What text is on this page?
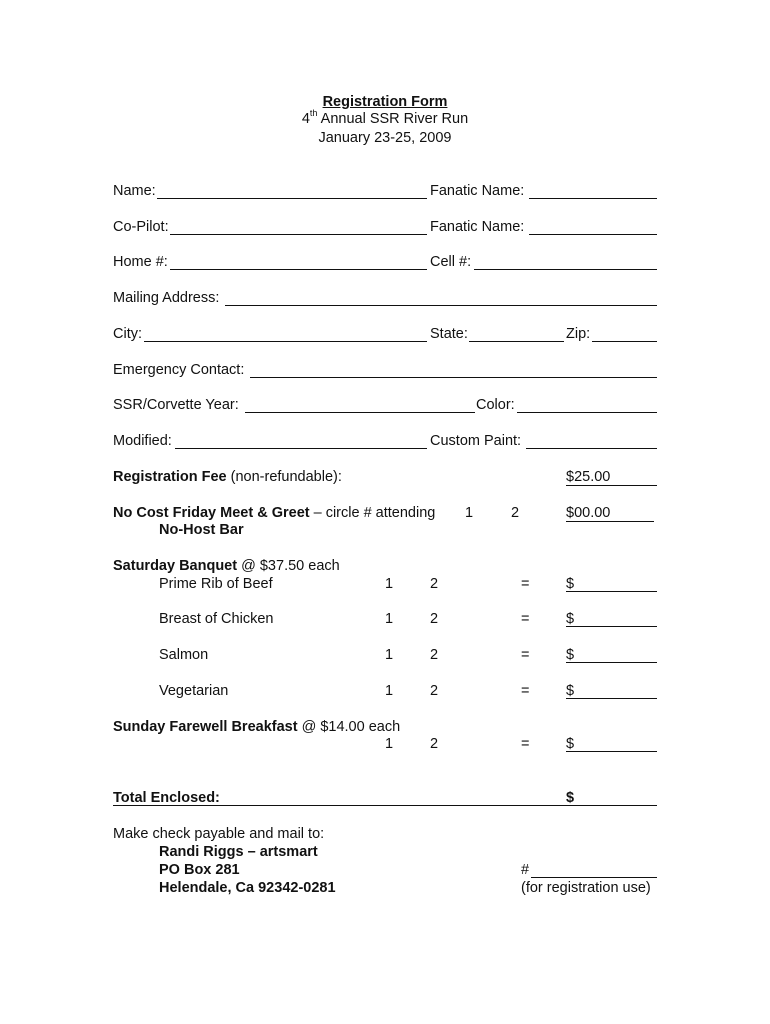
Registration Form
4th Annual SSR River Run
January 23-25, 2009
Name:	Fanatic Name:
Co-Pilot:	Fanatic Name:
Home #:	Cell #:
Mailing Address:
City:	State:	Zip:
Emergency Contact:
SSR/Corvette Year:	Color:
Modified:	Custom Paint:
Registration Fee (non-refundable):	$25.00
No Cost Friday Meet & Greet – circle # attending 1	2	$00.00
No-Host Bar
Saturday Banquet @ $37.50 each
Prime Rib of Beef	1	2	=	$
Breast of Chicken	1	2	=	$
Salmon	1	2	=	$
Vegetarian	1	2	=	$
Sunday Farewell Breakfast @ $14.00 each
1	2	=	$
Total Enclosed:	$
Make check payable and mail to:
Randi Riggs – artsmart
PO Box 281
Helendale, Ca 92342-0281
#
(for registration use)
